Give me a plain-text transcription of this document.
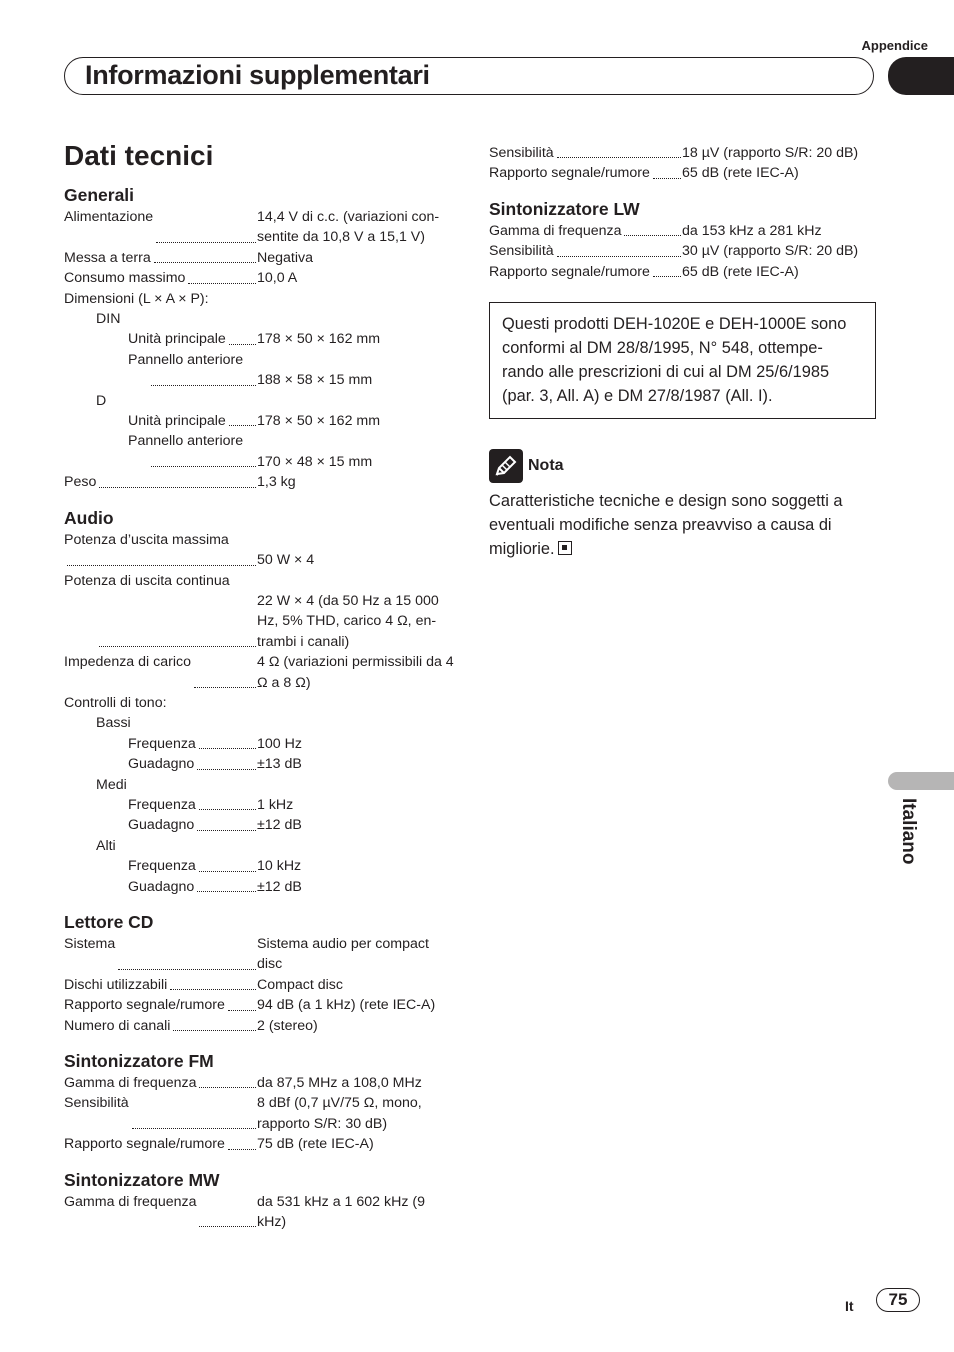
Appendice
Informazioni supplementari
Italiano
Dati tecnici
Generali
Alimentazione	14,4 V di c.c. (variazioni con-sentite da 10,8 V a 15,1 V)
Messa a terra	Negativa
Consumo massimo	10,0 A
Dimensioni (L × A × P):
DIN
Unità principale 178 × 50 × 162 mm
Pannello anteriore
188 × 58 × 15 mm
D
Unità principale 178 × 50 × 162 mm
Pannello anteriore
170 × 48 × 15 mm
Peso	1,3 kg
Audio
Potenza d’uscita massima
50 W × 4
Potenza di uscita continua
22 W × 4 (da 50 Hz a 15 000 Hz, 5% THD, carico 4 Ω, en-trambi i canali)
Impedenza di carico	4 Ω (variazioni permissibili da 4 Ω a 8 Ω)
Controlli di tono:
Bassi
Frequenza	100 Hz
Guadagno	±13 dB
Medi
Frequenza	1 kHz
Guadagno	±12 dB
Alti
Frequenza	10 kHz
Guadagno	±12 dB
Lettore CD
Sistema	Sistema audio per compact disc
Dischi utilizzabili	Compact disc
Rapporto segnale/rumore 94 dB (a 1 kHz) (rete IEC-A)
Numero di canali	2 (stereo)
Sintonizzatore FM
Gamma di frequenza	da 87,5 MHz a 108,0 MHz
Sensibilità	8 dBf (0,7 µV/75 Ω, mono, rapporto S/R: 30 dB)
Rapporto segnale/rumore 75 dB (rete IEC-A)
Sintonizzatore MW
Gamma di frequenza	da 531 kHz a 1 602 kHz (9 kHz)
Sensibilità	18 µV (rapporto S/R: 20 dB)
Rapporto segnale/rumore 65 dB (rete IEC-A)
Sintonizzatore LW
Gamma di frequenza	da 153 kHz a 281 kHz
Sensibilità	30 µV (rapporto S/R: 20 dB)
Rapporto segnale/rumore 65 dB (rete IEC-A)
Questi prodotti DEH-1020E e DEH-1000E sono conformi al DM 28/8/1995, N° 548, ottempe-rando alle prescrizioni di cui al DM 25/6/1985 (par. 3, All. A) e DM 27/8/1987 (All. I).
Nota
Caratteristiche tecniche e design sono soggetti a eventuali modifiche senza preavviso a causa di migliorie.
It	75
